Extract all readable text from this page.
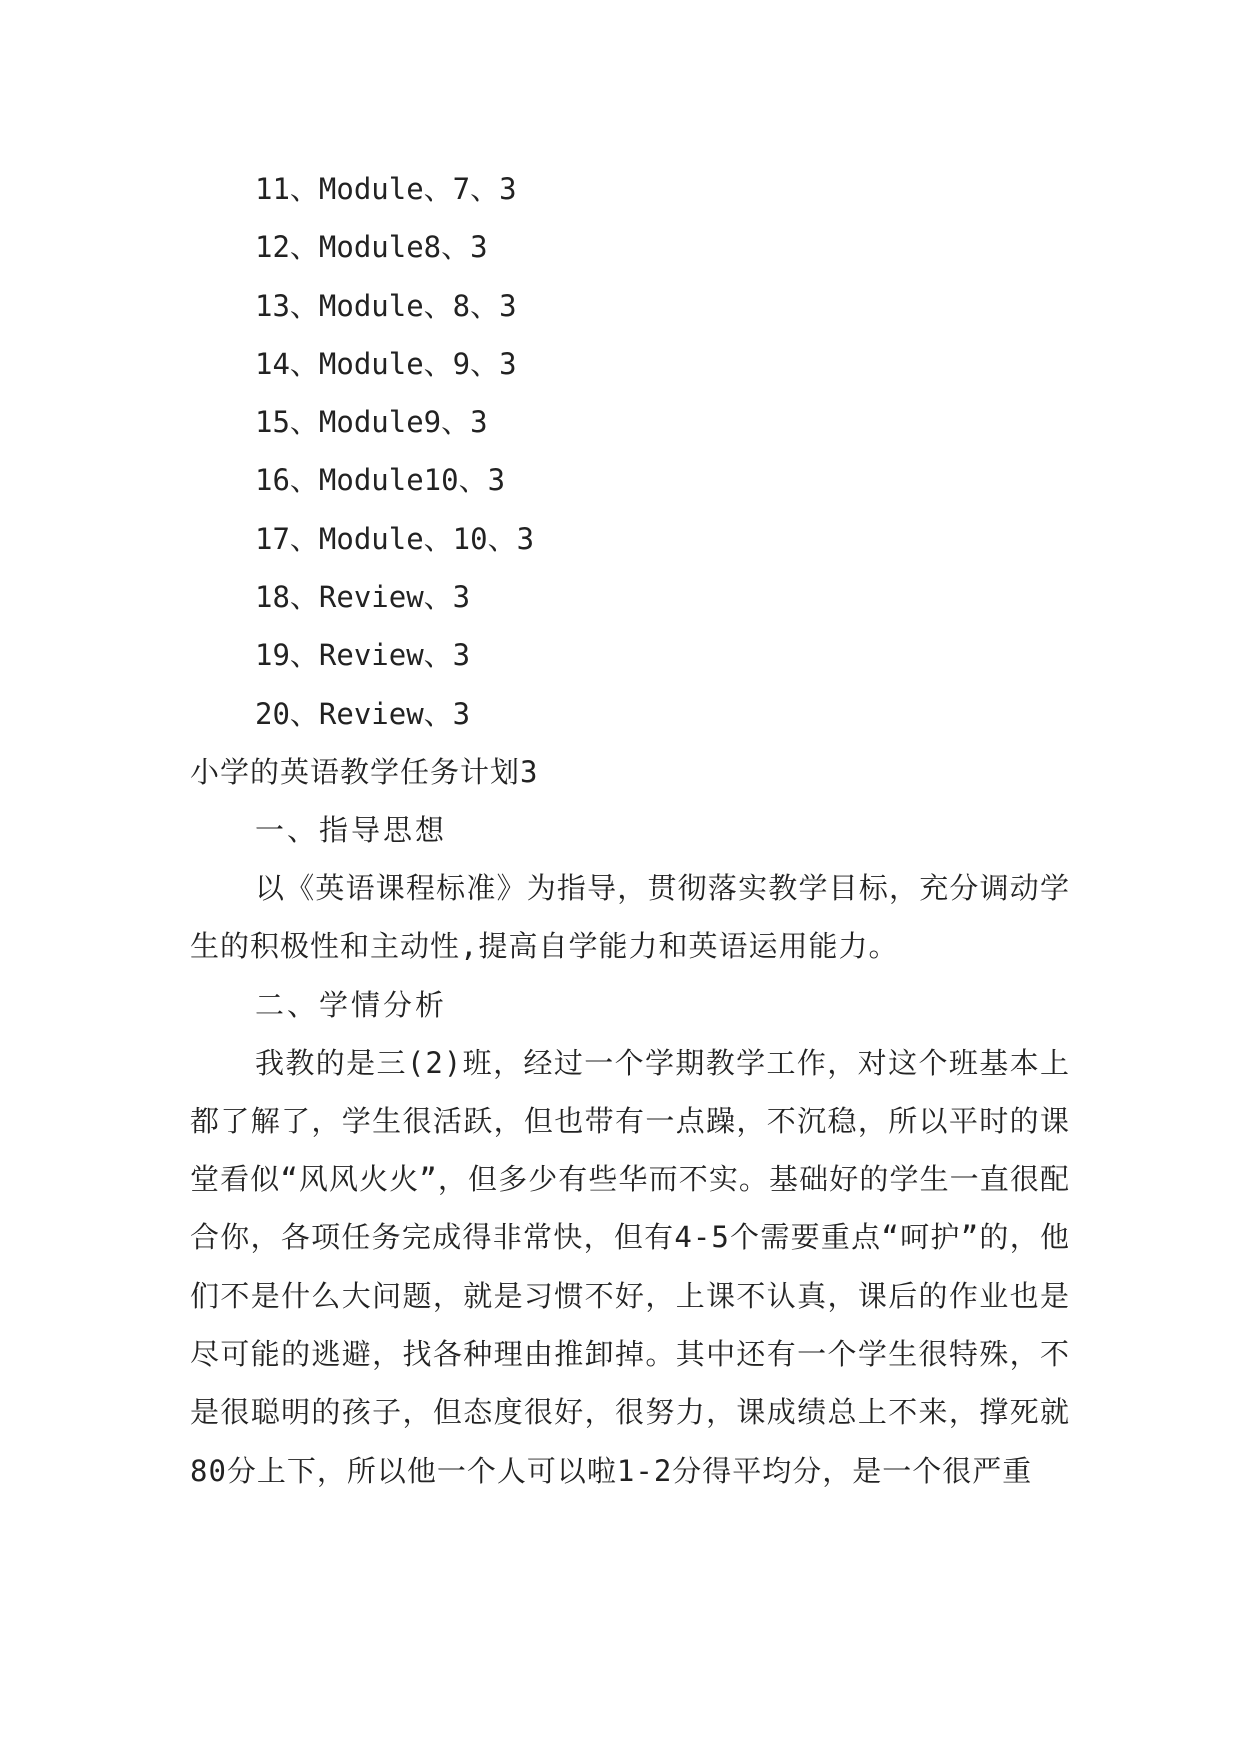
11、Module、7、3
12、Module8、3
13、Module、8、3
14、Module、9、3
15、Module9、3
16、Module10、3
17、Module、10、3
18、Review、3
19、Review、3
20、Review、3
小学的英语教学任务计划3
一、指导思想

以《英语课程标准》为指导，贯彻落实教学目标，充分调动学生的积极性和主动性,提高自学能力和英语运用能力。

二、学情分析

我教的是三(2)班，经过一个学期教学工作，对这个班基本上都了解了，学生很活跃，但也带有一点躁，不沉稳，所以平时的课堂看似“风风火火”，但多少有些华而不实。基础好的学生一直很配合你，各项任务完成得非常快，但有4-5个需要重点“呵护”的，他们不是什么大问题，就是习惯不好，上课不认真，课后的作业也是尽可能的逃避，找各种理由推卸掉。其中还有一个学生很特殊，不是很聪明的孩子，但态度很好，很努力，课成绩总上不来，撑死就80分上下，所以他一个人可以啦1-2分得平均分，是一个很严重
